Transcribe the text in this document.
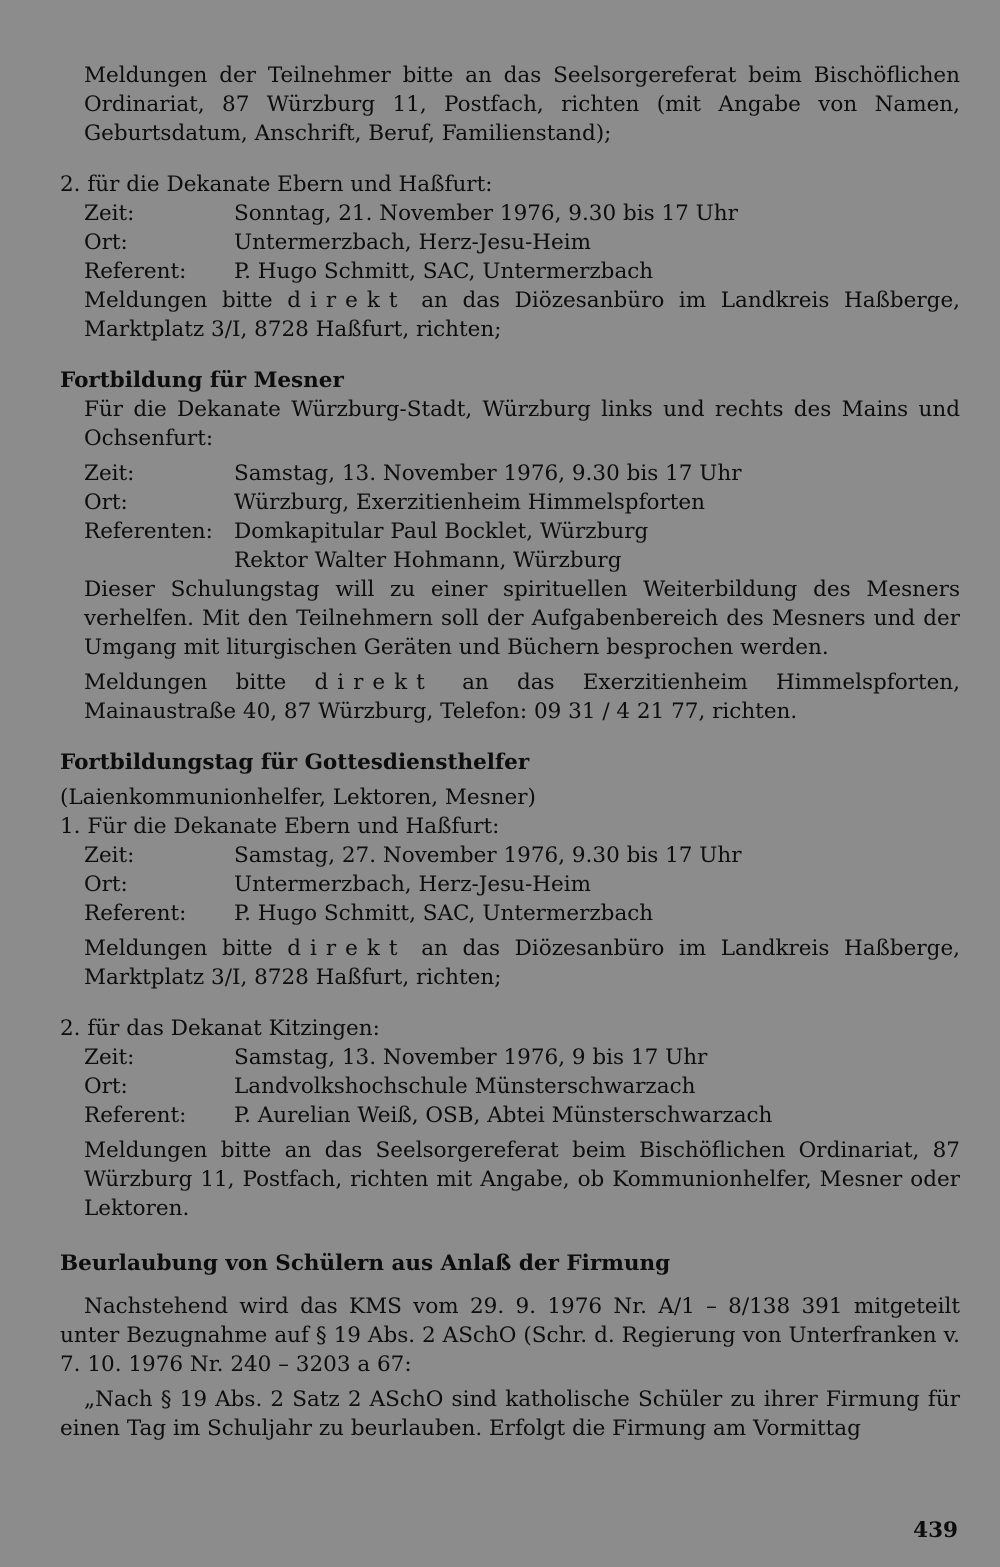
Meldungen der Teilnehmer bitte an das Seelsorgereferat beim Bischöflichen Ordinariat, 87 Würzburg 11, Postfach, richten (mit Angabe von Namen, Geburtsdatum, Anschrift, Beruf, Familienstand);
2. für die Dekanate Ebern und Haßfurt:
Zeit:	Sonntag, 21. November 1976, 9.30 bis 17 Uhr
Ort:	Untermerzbach, Herz-Jesu-Heim
Referent:	P. Hugo Schmitt, SAC, Untermerzbach
Meldungen bitte direkt an das Diözesanbüro im Landkreis Haßberge, Marktplatz 3/I, 8728 Haßfurt, richten;
Fortbildung für Mesner
Für die Dekanate Würzburg-Stadt, Würzburg links und rechts des Mains und Ochsenfurt:
Zeit:	Samstag, 13. November 1976, 9.30 bis 17 Uhr
Ort:	Würzburg, Exerzitienheim Himmelspforten
Referenten: Domkapitular Paul Bocklet, Würzburg
Rektor Walter Hohmann, Würzburg
Dieser Schulungstag will zu einer spirituellen Weiterbildung des Mesners verhelfen. Mit den Teilnehmern soll der Aufgabenbereich des Mesners und der Umgang mit liturgischen Geräten und Büchern besprochen werden.
Meldungen bitte direkt an das Exerzitienheim Himmelspforten, Mainaustraße 40, 87 Würzburg, Telefon: 09 31 / 4 21 77, richten.
Fortbildungstag für Gottesdiensthelfer
(Laienkommunionhelfer, Lektoren, Mesner)
1. Für die Dekanate Ebern und Haßfurt:
Zeit:	Samstag, 27. November 1976, 9.30 bis 17 Uhr
Ort:	Untermerzbach, Herz-Jesu-Heim
Referent:	P. Hugo Schmitt, SAC, Untermerzbach
Meldungen bitte direkt an das Diözesanbüro im Landkreis Haßberge, Marktplatz 3/I, 8728 Haßfurt, richten;
2. für das Dekanat Kitzingen:
Zeit:	Samstag, 13. November 1976, 9 bis 17 Uhr
Ort:	Landvolkshochschule Münsterschwarzach
Referent:	P. Aurelian Weiß, OSB, Abtei Münsterschwarzach
Meldungen bitte an das Seelsorgereferat beim Bischöflichen Ordinariat, 87 Würzburg 11, Postfach, richten mit Angabe, ob Kommunionhelfer, Mesner oder Lektoren.
Beurlaubung von Schülern aus Anlaß der Firmung
Nachstehend wird das KMS vom 29. 9. 1976 Nr. A/1 – 8/138 391 mitgeteilt unter Bezugnahme auf § 19 Abs. 2 ASchO (Schr. d. Regierung von Unterfranken v. 7. 10. 1976 Nr. 240 – 3203 a 67:
„Nach § 19 Abs. 2 Satz 2 ASchO sind katholische Schüler zu ihrer Firmung für einen Tag im Schuljahr zu beurlauben. Erfolgt die Firmung am Vormittag
439
